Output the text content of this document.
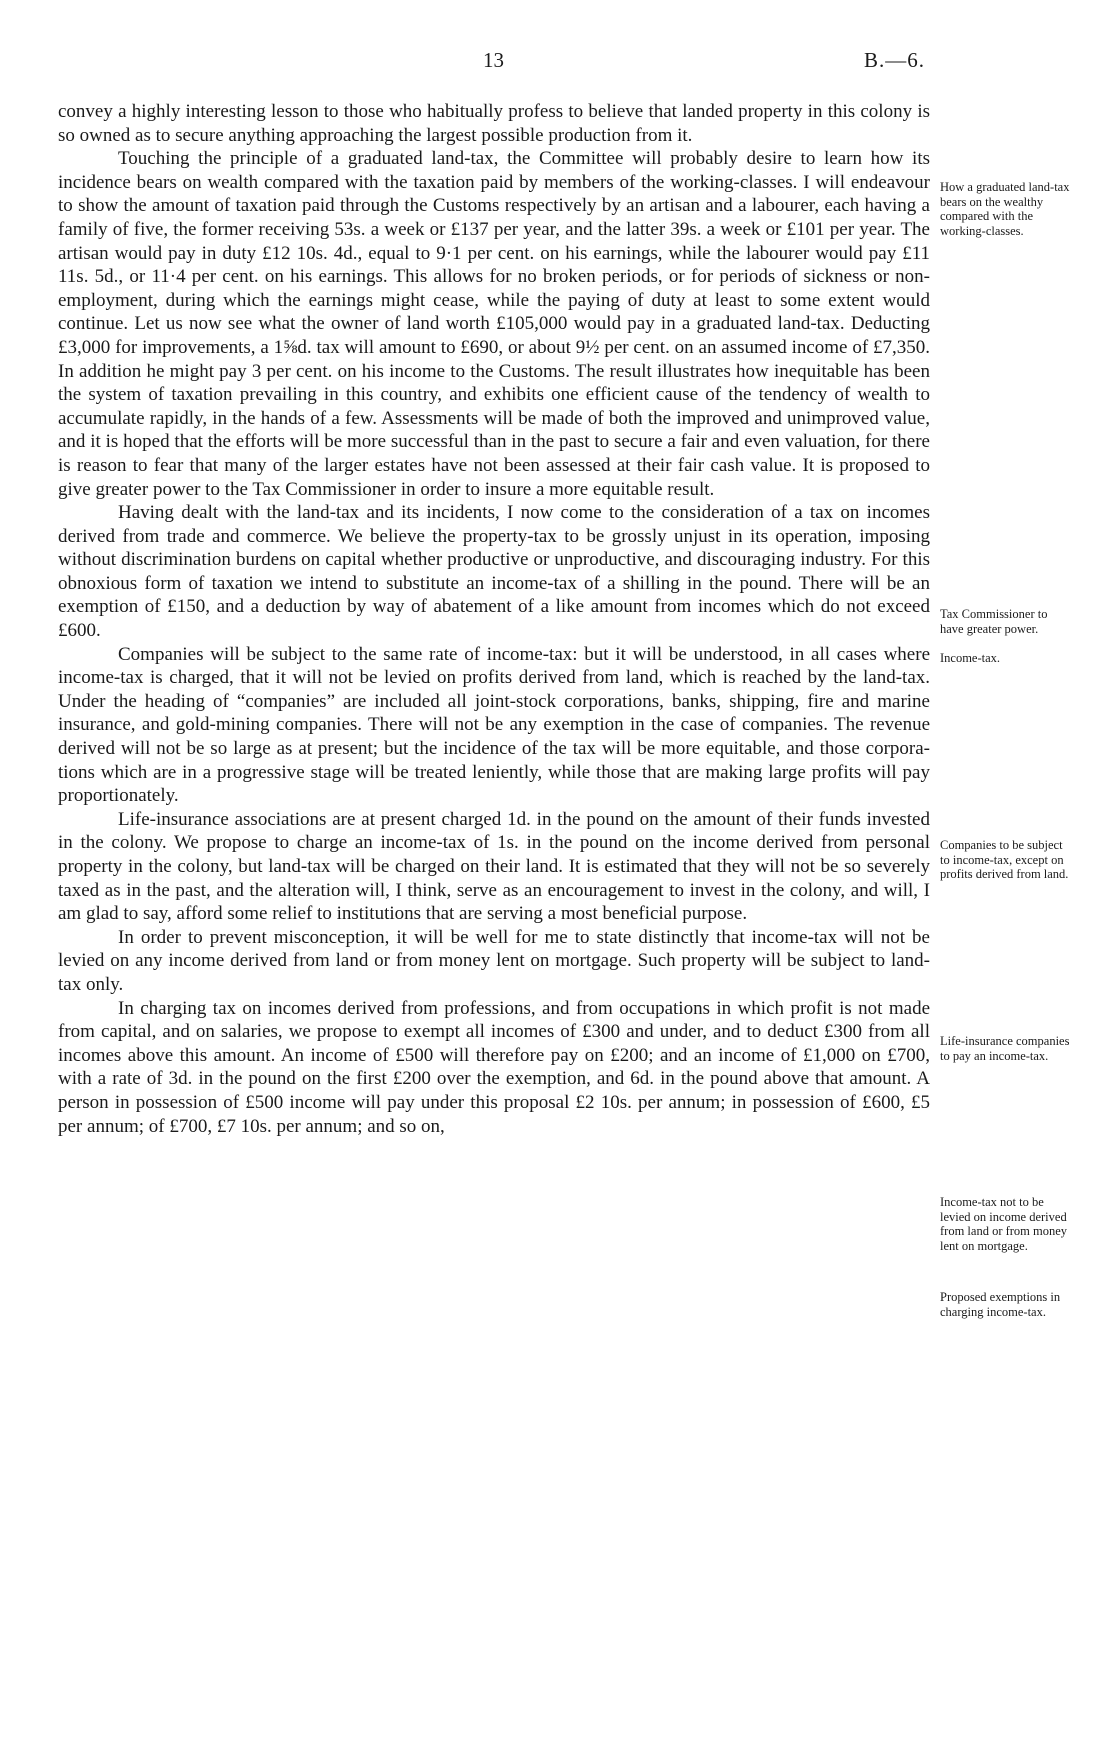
13	B.—6.

convey a highly interesting lesson to those who habitually profess to believe that landed property in this colony is so owned as to secure anything approaching the largest possible production from it.

Touching the principle of a graduated land-tax, the Committee will probably desire to learn how its incidence bears on wealth compared with the taxation paid by members of the working-classes. I will endeavour to show the amount of taxation paid through the Customs respectively by an artisan and a labourer, each having a family of five, the former receiving 53s. a week or £137 per year, and the latter 39s. a week or £101 per year. The artisan would pay in duty £12 10s. 4d., equal to 9·1 per cent. on his earnings, while the labourer would pay £11 11s. 5d., or 11·4 per cent. on his earnings. This allows for no broken periods, or for periods of sickness or non-employment, during which the earnings might cease, while the paying of duty at least to some extent would continue. Let us now see what the owner of land worth £105,000 would pay in a graduated land-tax. Deducting £3,000 for improvements, a 1⅝d. tax will amount to £690, or about 9½ per cent. on an assumed income of £7,350. In addition he might pay 3 per cent. on his income to the Customs. The result illustrates how inequitable has been the system of taxation prevailing in this country, and exhibits one efficient cause of the tendency of wealth to accumulate rapidly, in the hands of a few. Assessments will be made of both the improved and unimproved value, and it is hoped that the efforts will be more successful than in the past to secure a fair and even valuation, for there is reason to fear that many of the larger estates have not been assessed at their fair cash value. It is proposed to give greater power to the Tax Commissioner in order to insure a more equitable result.

Having dealt with the land-tax and its incidents, I now come to the consideration of a tax on incomes derived from trade and commerce. We believe the property-tax to be grossly unjust in its operation, imposing without discrimination burdens on capital whether productive or unproductive, and discouraging industry. For this obnoxious form of taxation we intend to substitute an income-tax of a shilling in the pound. There will be an exemption of £150, and a deduction by way of abatement of a like amount from incomes which do not exceed £600.

Companies will be subject to the same rate of income-tax: but it will be understood, in all cases where income-tax is charged, that it will not be levied on profits derived from land, which is reached by the land-tax. Under the heading of “companies” are included all joint-stock corporations, banks, shipping, fire and marine insurance, and gold-mining companies. There will not be any exemption in the case of companies. The revenue derived will not be so large as at present; but the incidence of the tax will be more equitable, and those corporations which are in a progressive stage will be treated leniently, while those that are making large profits will pay proportionately.

Life-insurance associations are at present charged 1d. in the pound on the amount of their funds invested in the colony. We propose to charge an income-tax of 1s. in the pound on the income derived from personal property in the colony, but land-tax will be charged on their land. It is estimated that they will not be so severely taxed as in the past, and the alteration will, I think, serve as an encouragement to invest in the colony, and will, I am glad to say, afford some relief to institutions that are serving a most beneficial purpose.

In order to prevent misconception, it will be well for me to state distinctly that income-tax will not be levied on any income derived from land or from money lent on mortgage. Such property will be subject to land-tax only.

In charging tax on incomes derived from professions, and from occupations in which profit is not made from capital, and on salaries, we propose to exempt all incomes of £300 and under, and to deduct £300 from all incomes above this amount. An income of £500 will therefore pay on £200; and an income of £1,000 on £700, with a rate of 3d. in the pound on the first £200 over the exemption, and 6d. in the pound above that amount. A person in possession of £500 income will pay under this proposal £2 10s. per annum; in possession of £600, £5 per annum; of £700, £7 10s. per annum; and so on,

How a graduated land-tax bears on the wealthy compared with the working-classes.
Tax Commissioner to have greater power.
Income-tax.
Companies to be subject to income-tax, except on profits derived from land.
Life-insurance companies to pay an income-tax.
Income-tax not to be levied on income derived from land or from money lent on mortgage.
Proposed exemptions in charging income-tax.
